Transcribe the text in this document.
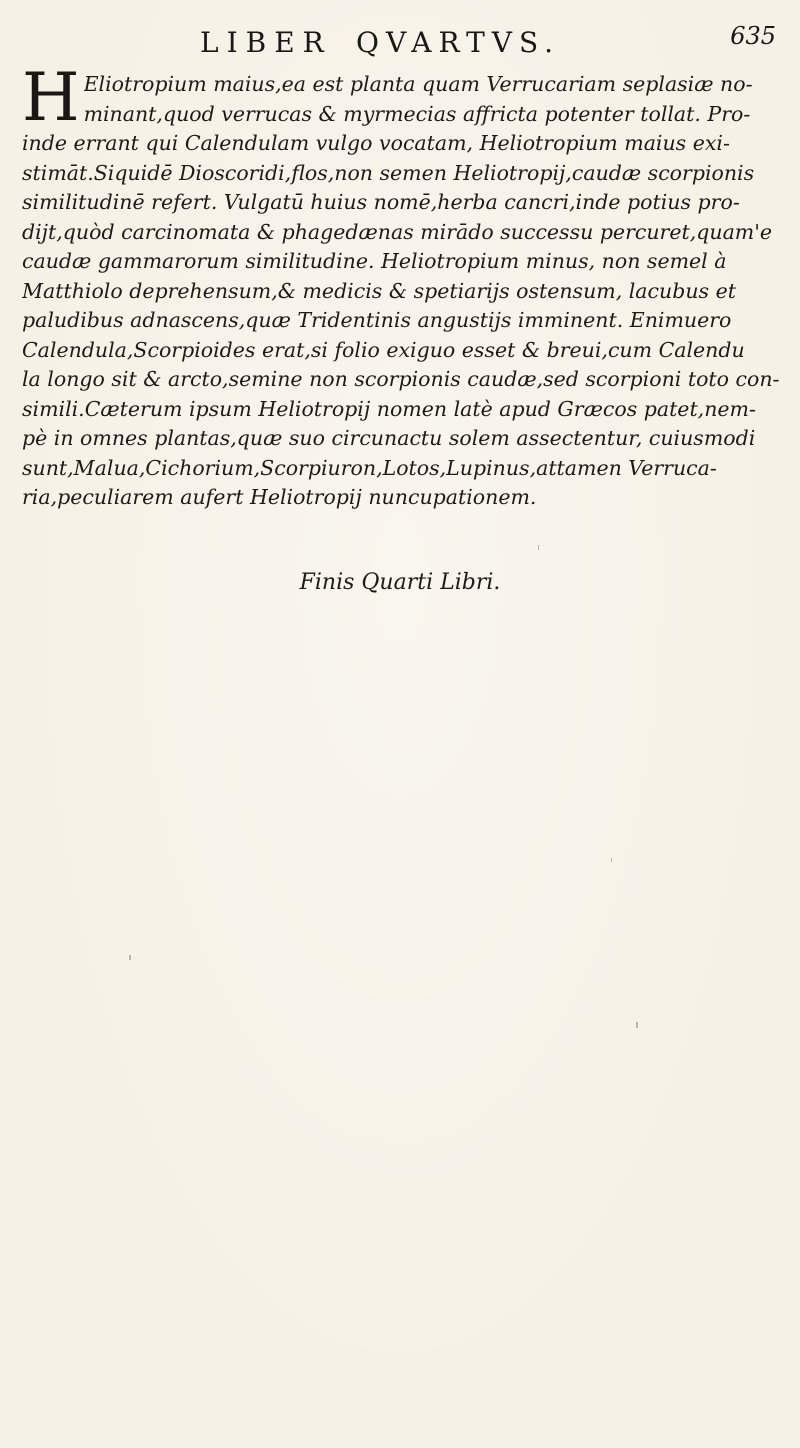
LIBER QVARTVS.	635
H Eliotropium maius,ea est planta quam Verrucariam seplasiæ no-
minant,quod verrucas & myrmecias affricta potenter tollat. Pro-
inde errant qui Calendulam vulgo vocatam, Heliotropium maius exi-
stimāt.Siquidē Dioscoridi,flos,non semen Heliotropij,caudæ scorpionis
similitudinē refert. Vulgatū huius nomē,herba cancri,inde potius pro-
dijt,quòd carcinomata & phagedænas mirādo successu percuret,quam'e
caudæ gammarorum similitudine. Heliotropium minus, non semel à
Matthiolo deprehensum,& medicis & spetiarijs ostensum, lacubus et
paludibus adnascens,quæ Tridentinis angustijs imminent. Enimuero
Calendula,Scorpioides erat,si folio exiguo esset & breui,cum Calendu
la longo sit & arcto,semine non scorpionis caudæ,sed scorpioni toto con-
simili.Cæterum ipsum Heliotropij nomen latè apud Græcos patet,nem-
pè in omnes plantas,quæ suo circunactu solem assectentur, cuiusmodi
sunt,Malua,Cichorium,Scorpiuron,Lotos,Lupinus,attamen Verruca-
ria,peculiarem aufert Heliotropij nuncupationem.
Finis Quarti Libri.
